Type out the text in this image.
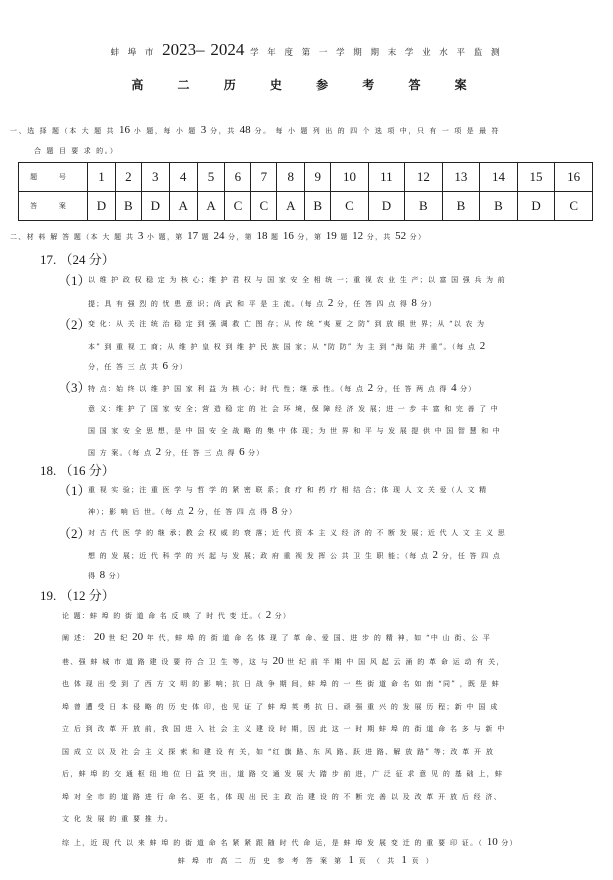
蚌 埠 市 2023– 2024 学 年 度 第 一 学 期 期 末 学 业 水 平 监 测
高 二 历 史 参 考 答 案
一、选 择 题（本 大 题 共 16 小 题，每 小 题 3 分，共 48 分。 每 小 题 列 出 的 四 个 选 项 中，只 有 一 项 是 最 符
合 题 目 要 求 的。）
题 号	1	2	3	4	5	6	7	8	9	10	11	12	13	14	15	16
答 案	D	B	D	A	A	C	C	A	B	C	D	B	B	B	D	C
二、材 料 解 答 题（本 大 题 共 3 小 题，第 17 题 24 分，第 18 题 16 分，第 19 题 12 分，共 52 分）
17. （24 分）
（1）
以 维 护 政 权 稳 定 为 核 心；维 护 君 权 与 国 家 安 全 相 统 一；重 视 农 业 生 产；以 富 国 强 兵 为 前
提；具 有 强 烈 的 忧 患 意 识；尚 武 和 平 是 主 流。（每 点 2 分，任 答 四 点 得 8 分）
（2）
变 化：从 关 注 统 治 稳 定 到 强 调 救 亡 图 存；从 传 统 “夷 夏 之 防” 到 放 眼 世 界；从 “以 农 为
本” 到 重 视 工 商；从 维 护 皇 权 到 维 护 民 族 国 家；从 “防 防” 为 主 到 “海 陆 并 重”。（每 点 2
分，任 答 三 点 共 6 分）
（3）
特 点：始 终 以 维 护 国 家 利 益 为 核 心；时 代 性；继 承 性。（每 点 2 分，任 答 两 点 得 4 分）
意 义：维 护 了 国 家 安 全；营 造 稳 定 的 社 会 环 境，保 障 经 济 发 展；进 一 步 丰 富 和 完 善 了 中
国 国 家 安 全 思 想，是 中 国 安 全 战 略 的 集 中 体 现；为 世 界 和 平 与 发 展 提 供 中 国 智 慧 和 中
国 方 案。（每 点 2 分，任 答 三 点 得 6 分）
18. （16 分）
（1）
重 视 实 验；注 重 医 学 与 哲 学 的 紧 密 联 系；食 疗 和 药 疗 相 结 合；体 现 人 文 关 爱（人 文 精
神）；影 响 后 世。（每 点 2 分，任 答 四 点 得 8 分）
（2）
对 古 代 医 学 的 继 承；教 会 权 威 的 衰 落；近 代 资 本 主 义 经 济 的 不 断 发 展；近 代 人 文 主 义 思
想 的 发 展；近 代 科 学 的 兴 起 与 发 展；政 府 重 视 发 挥 公 共 卫 生 职 能；（每 点 2 分，任 答 四 点
得 8 分）
19. （12 分）
论 题：蚌 埠 的 街 道 命 名 反 映 了 时 代 变 迁。（ 2 分）
阐 述： 20 世 纪 20 年 代，蚌 埠 的 街 道 命 名 体 现 了 革 命、爱 国、进 步 的 精 神，如 “中 山 街、公 平
巷、强 蚌 城 市 道 路 建 设 要 符 合 卫 生 等，这 与 20 世 纪 前 半 期 中 国 风 起 云 涌 的 革 命 运 动 有 关，
也 体 现 出 受 到 了 西 方 文 明 的 影 响；抗 日 战 争 期 间，蚌 埠 的 一 些 街 道 命 名 如 南 “同” ，既 是 蚌
埠 曾 遭 受 日 本 侵 略 的 历 史 体 印，也 见 证 了 蚌 埠 英 勇 抗 日、顽 强 重 兴 的 发 展 历 程；新 中 国 成
立 后 到 改 革 开 放 前，我 国 进 入 社 会 主 义 建 设 时 期，因 此 这 一 时 期 蚌 埠 的 街 道 命 名 多 与 新 中
国 成 立 以 及 社 会 主 义 探 索 和 建 设 有 关，如 “红 旗 路、东 风 路、跃 进 路、解 放 路” 等；改 革 开 放
后，蚌 埠 的 交 通 枢 纽 地 位 日 益 突 出，道 路 交 通 发 展 大 踏 步 前 进，广 泛 征 求 意 见 的 基 础 上，蚌
埠 对 全 市 的 道 路 进 行 命 名、更 名，体 现 出 民 主 政 治 建 设 的 不 断 完 善 以 及 改 革 开 放 后 经 济、
文 化 发 展 的 重 要 推 力。
综 上，近 现 代 以 来 蚌 埠 的 街 道 命 名 紧 紧 跟 随 时 代 命 运，是 蚌 埠 发 展 变 迁 的 重 要 印 证。（ 10 分）
蚌 埠 市 高 二 历 史 参 考 答 案 第 1 页 （ 共 1 页 ）
